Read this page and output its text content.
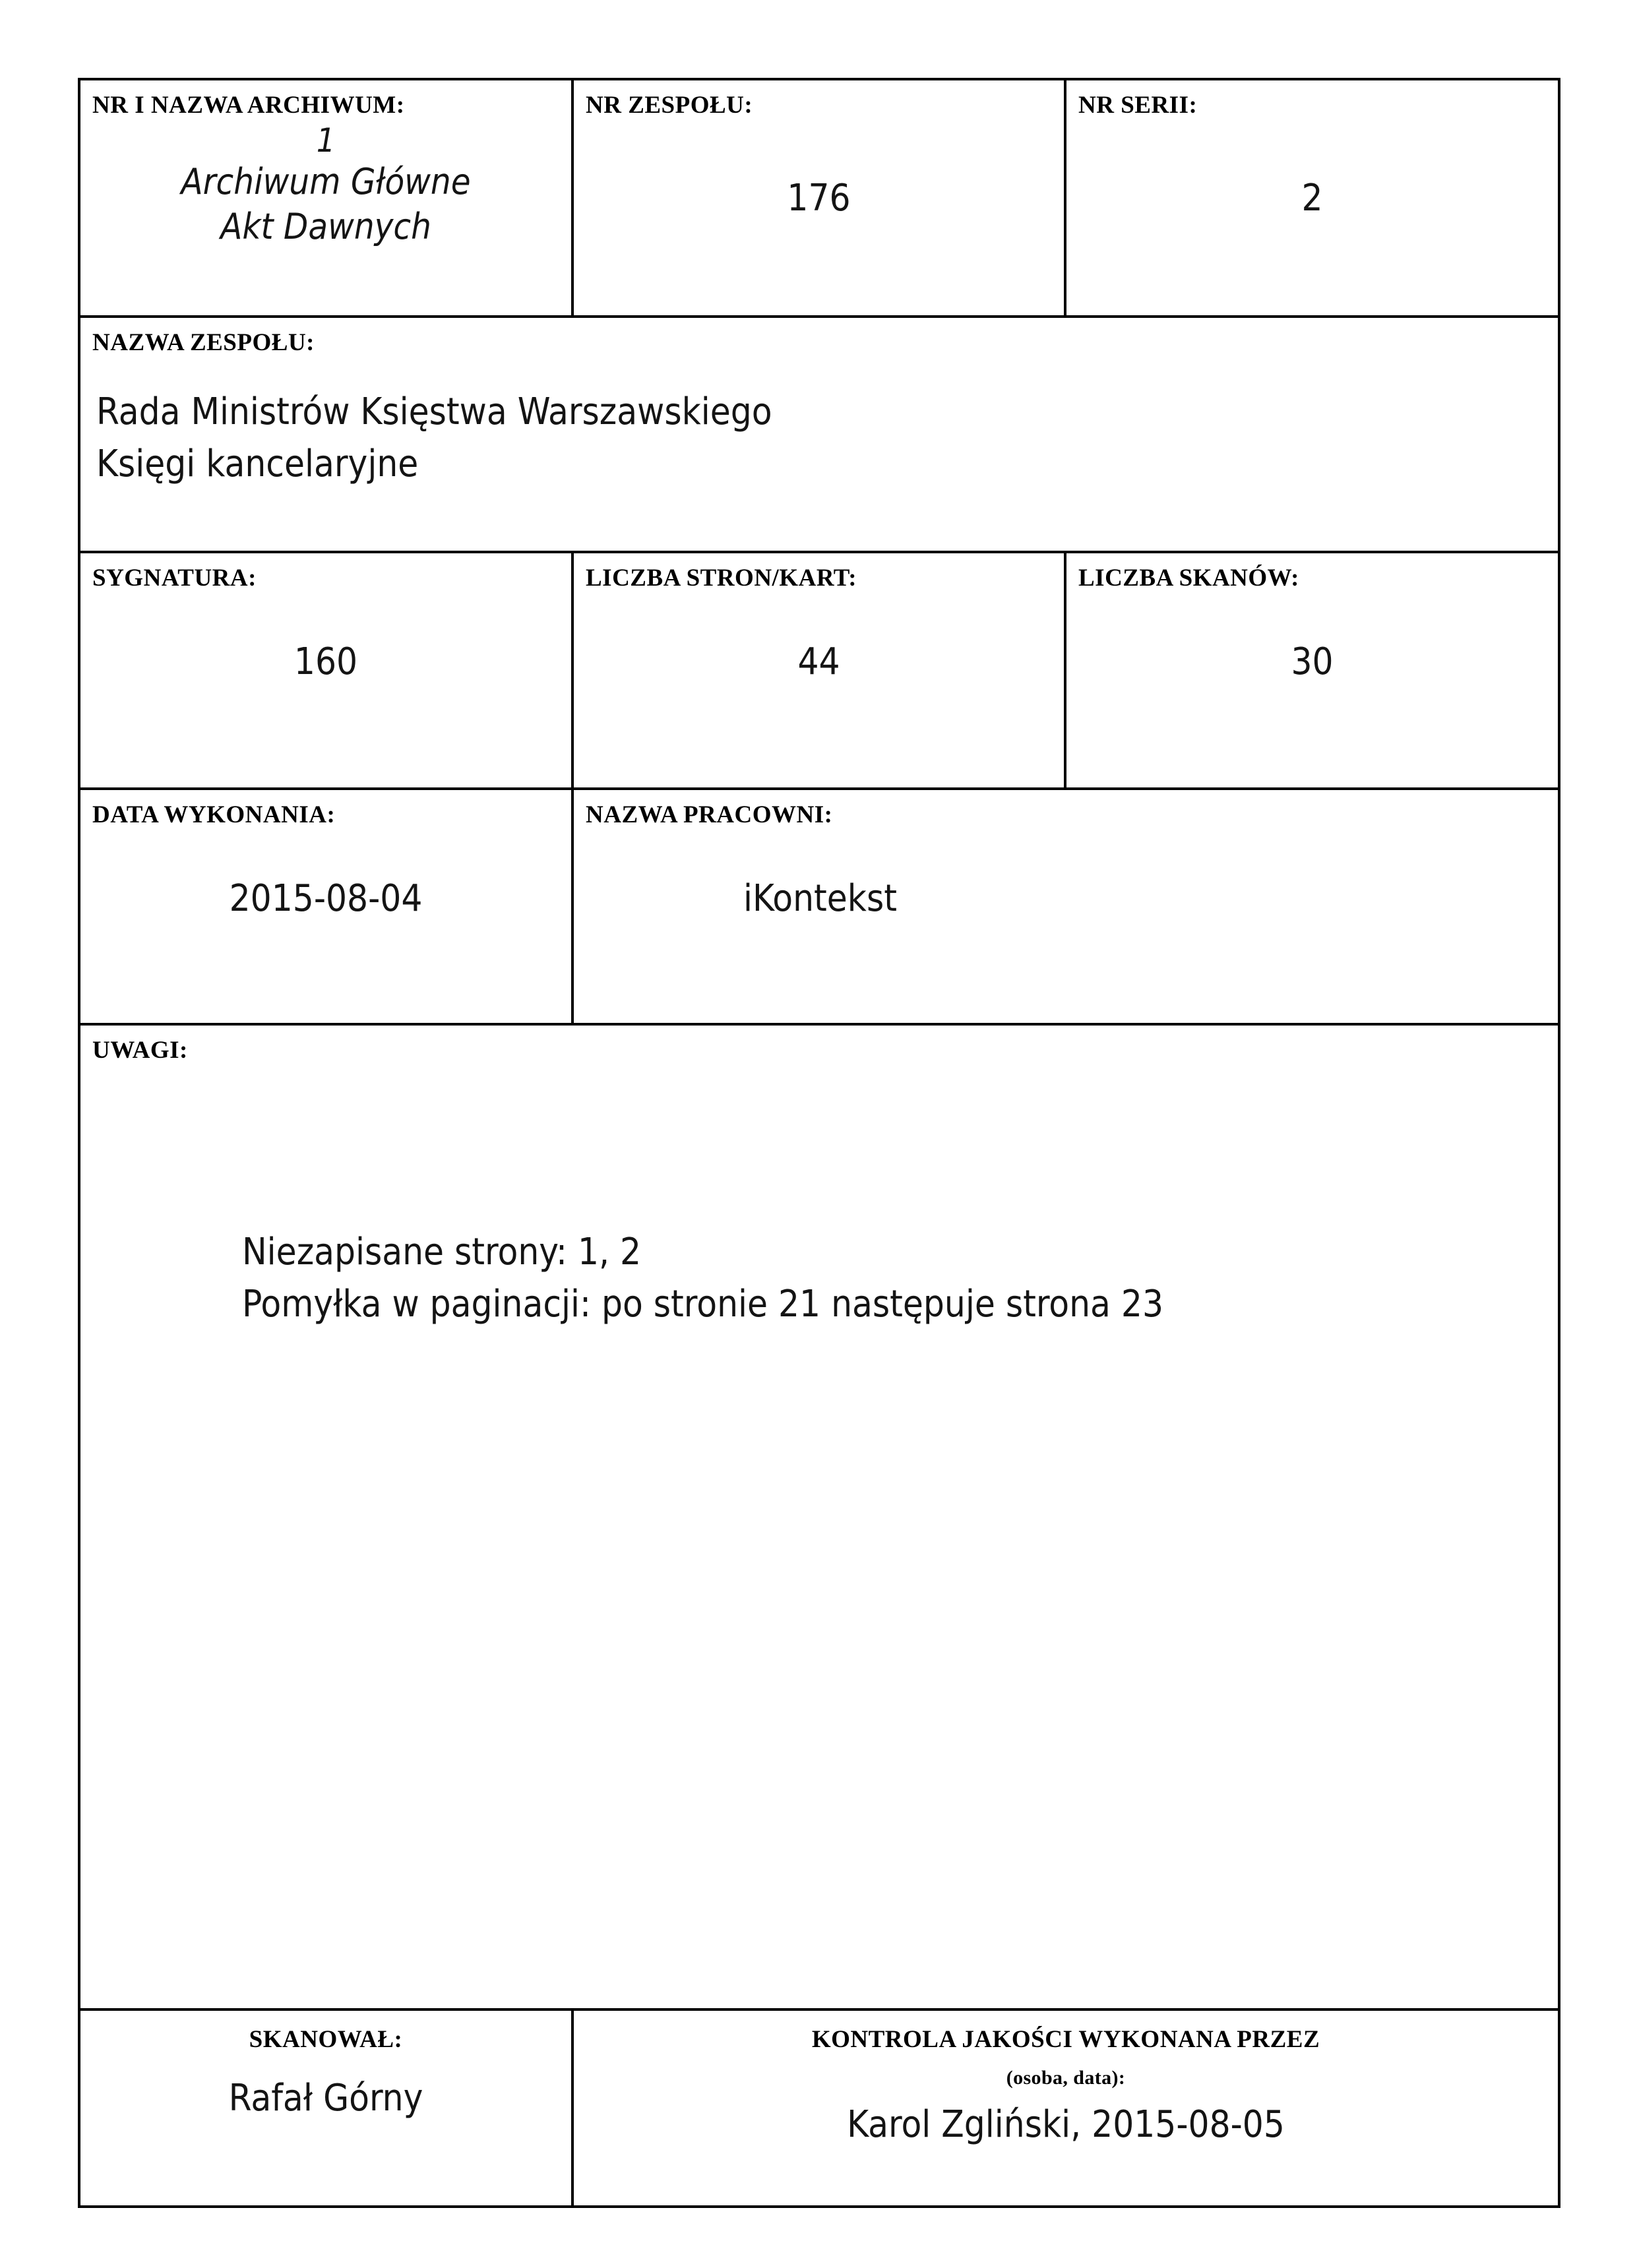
NR I NAZWA ARCHIWUM:
1
Archiwum Główne
Akt Dawnych

NR ZESPOŁU:
176

NR SERII:
2

NAZWA ZESPOŁU:
Rada Ministrów Księstwa Warszawskiego
Księgi kancelaryjne		

SYGNATURA:
160	LICZBA STRON/KART:
44	LICZBA SKANÓW:
30

DATA WYKONANIA:
2015-08-04	NAZWA PRACOWNI:
iKontekst	

UWAGI:
Niezapisane strony: 1, 2
Pomyłka w paginacji: po stronie 21 następuje strona 23		

SKANOWAŁ:
Rafał Górny	KONTROLA JAKOŚCI WYKONANA PRZEZ
(osoba, data):
Karol Zgliński, 2015-08-05	
